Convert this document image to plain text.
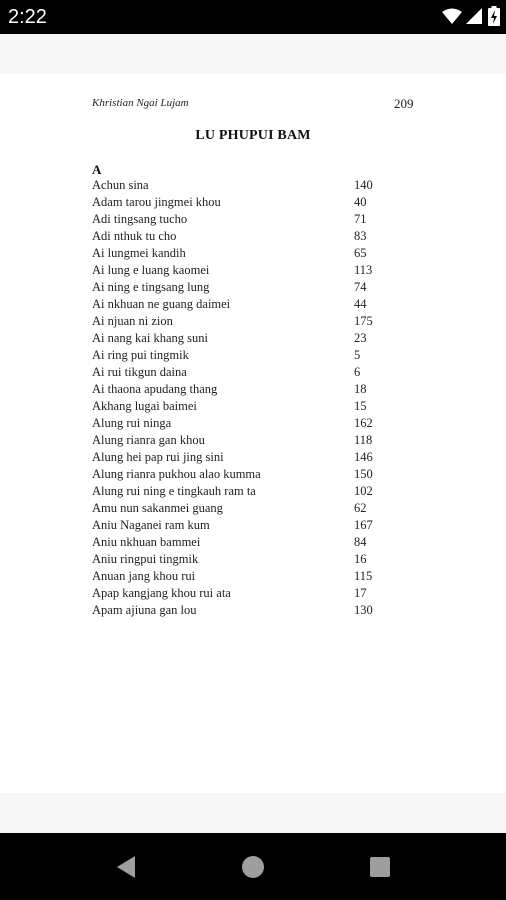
2:22
Khristian Ngai Lujam	209
LU PHUPUI BAM
A
Achun sina	140
Adam tarou jingmei khou	40
Adi tingsang tucho	71
Adi nthuk tu cho	83
Ai lungmei kandih	65
Ai lung e luang kaomei	113
Ai ning e tingsang lung	74
Ai nkhuan ne guang daimei	44
Ai njuan ni zion	175
Ai nang kai khang suni	23
Ai ring pui tingmik	5
Ai rui tikgun daina	6
Ai thaona apudang thang	18
Akhang lugai baimei	15
Alung rui ninga	162
Alung rianra gan khou	118
Alung hei pap rui jing sini	146
Alung rianra pukhou alao kumma	150
Alung rui ning e tingkauh ram ta	102
Amu nun sakanmei guang	62
Aniu Naganei ram kum	167
Aniu nkhuan bammei	84
Aniu ringpui tingmik	16
Anuan jang khou rui	115
Apap kangjang khou rui ata	17
Apam ajiuna gan lou	130
